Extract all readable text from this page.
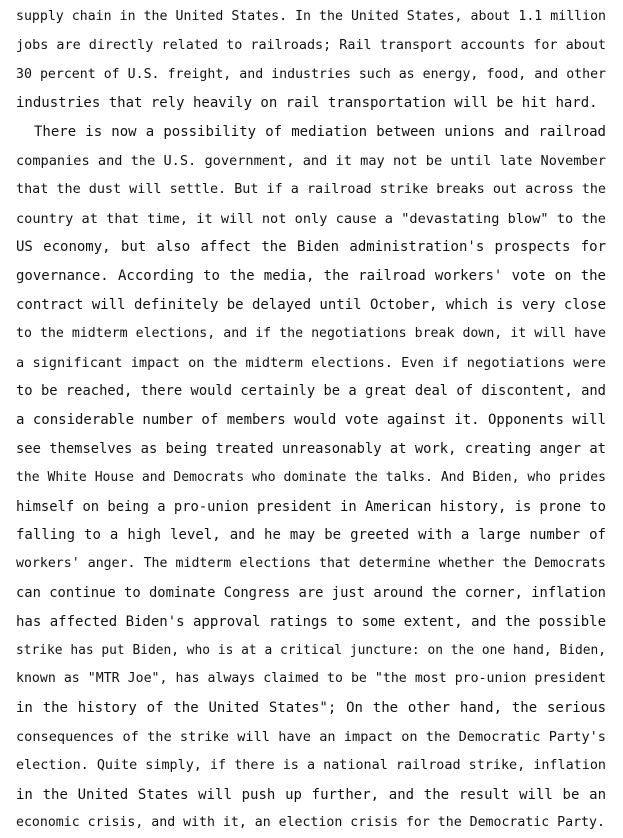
supply chain in the United States. In the United States, about 1.1 million
jobs are directly related to railroads; Rail transport accounts for about
30 percent of U.S. freight, and industries such as energy, food, and other
industries that rely heavily on rail transportation will be hit hard.
There is now a possibility of mediation between unions and railroad
companies and the U.S. government, and it may not be until late November
that the dust will settle. But if a railroad strike breaks out across the
country at that time, it will not only cause a "devastating blow" to the
US economy, but also affect the Biden administration's prospects for
governance. According to the media, the railroad workers' vote on the
contract will definitely be delayed until October, which is very close
to the midterm elections, and if the negotiations break down, it will have
a significant impact on the midterm elections. Even if negotiations were
to be reached, there would certainly be a great deal of discontent, and
a considerable number of members would vote against it. Opponents will
see themselves as being treated unreasonably at work, creating anger at
the White House and Democrats who dominate the talks. And Biden, who prides
himself on being a pro-union president in American history, is prone to
falling to a high level, and he may be greeted with a large number of
workers' anger. The midterm elections that determine whether the Democrats
can continue to dominate Congress are just around the corner, inflation
has affected Biden's approval ratings to some extent, and the possible
strike has put Biden, who is at a critical juncture: on the one hand, Biden,
known as "MTR Joe", has always claimed to be "the most pro-union president
in the history of the United States"; On the other hand, the serious
consequences of the strike will have an impact on the Democratic Party's
election. Quite simply, if there is a national railroad strike, inflation
in the United States will push up further, and the result will be an
economic crisis, and with it, an election crisis for the Democratic Party.
